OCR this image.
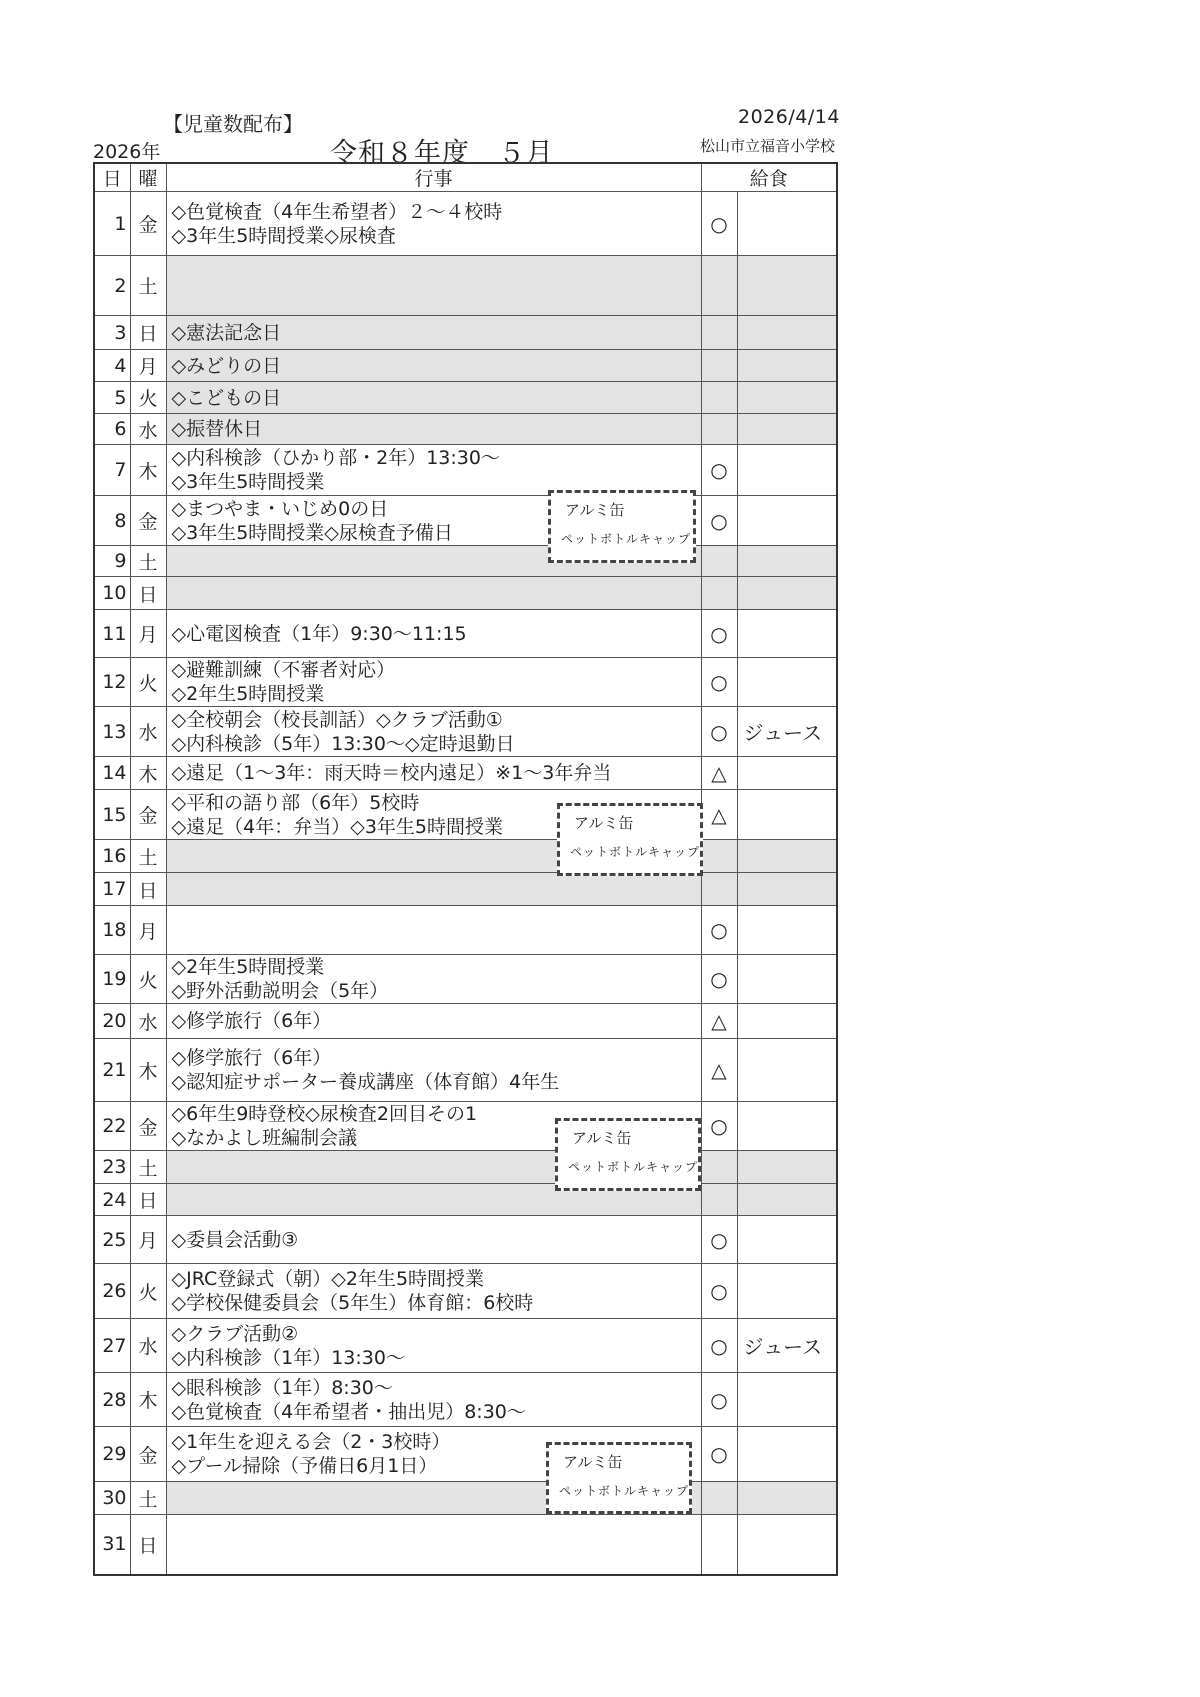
【児童数配布】	2026/4/14
2026年	令和８年度　５月	松山市立福音小学校
日	曜	行事	給食	
1	金	◇色覚検査（4年生希望者）２～４校時
◇3年生5時間授業◇尿検査	○	
2	土			
3	日	◇憲法記念日		

4	月	◇みどりの日		

5	火	◇こどもの日		

6	水	◇振替休日		

7	木	◇内科検診（ひかり部・2年）13:30～
◇3年生5時間授業	○	
8	金	◇まつやま・いじめ0の日
◇3年生5時間授業◇尿検査予備日	○	
9	土			
10	日			
11	月	◇心電図検査（1年）9:30～11:15	○	
12	火	◇避難訓練（不審者対応）
◇2年生5時間授業	○	
13	水	◇全校朝会（校長訓話）◇クラブ活動①
◇内科検診（5年）13:30～◇定時退勤日	○	ジュース
14	木	◇遠足（1～3年：雨天時＝校内遠足）※1～3年弁当	△	
15	金	◇平和の語り部（6年）5校時
◇遠足（4年：弁当）◇3年生5時間授業	△	
16	土			
17	日			
18	月		○	
19	火	◇2年生5時間授業
◇野外活動説明会（5年）	○	
20	水	◇修学旅行（6年）	△	
21	木	◇修学旅行（6年）
◇認知症サポーター養成講座（体育館）4年生	△	
22	金	◇6年生9時登校◇尿検査2回目その1
◇なかよし班編制会議	○	
23	土			
24	日			
25	月	◇委員会活動③	○	
26	火	◇JRC登録式（朝）◇2年生5時間授業
◇学校保健委員会（5年生）体育館：6校時	○	
27	水	◇クラブ活動②
◇内科検診（1年）13:30～	○	ジュース
28	木	◇眼科検診（1年）8:30～
◇色覚検査（4年希望者・抽出児）8:30～	○	
29	金	◇1年生を迎える会（2・3校時）
◇プール掃除（予備日6月1日）	○	
30	土			
31	日			
アルミ缶
ペットボトルキャップ
アルミ缶
ペットボトルキャップ
アルミ缶
ペットボトルキャップ
アルミ缶
ペットボトルキャップ
